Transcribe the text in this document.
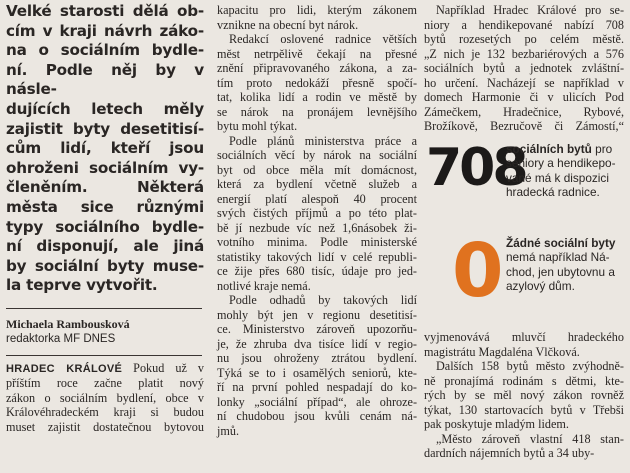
Velké starosti dělá ob-
cím v kraji návrh záko-
na o sociálním bydle-
ní. Podle něj by v násle-
dujících letech měly
zajistit byty desetitisí-
cům lidí, kteří jsou
ohroženi sociálním vy-
členěním. Některá
města sice různými
typy sociálního bydle-
ní disponují, ale jiná
by sociální byty muse-
la teprve vytvořit.

Michaela Rambousková

redaktorka MF DNES

HRADEC KRÁLOVÉ Pokud už v
příštím roce začne platit nový
zákon o sociálním bydlení, obce v
Královéhradeckém kraji si budou
muset zajistit dostatečnou bytovou
kapacitu pro lidi, kterým zákonem
vznikne na obecní byt nárok.
Redakcí oslovené radnice větších
měst netrpělivě čekají na přesné
znění připravovaného zákona, a za-
tím proto nedokáží přesně spočí-
tat, kolika lidí a rodin ve městě by
se nárok na pronájem levnějšího
bytu mohl týkat.
Podle plánů ministerstva práce a
sociálních věcí by nárok na sociální
byt od obce měla mít domácnost,
která za bydlení včetně služeb a
energií platí alespoň 40 procent
svých čistých příjmů a po této plat-
bě jí nezbude víc než 1,6násobek ži-
votního minima. Podle ministerské
statistiky takových lidí v celé republi-
ce žije přes 680 tisíc, údaje pro jed-
notlivé kraje nemá.
Podle odhadů by takových lidí
mohly být jen v regionu desetitisí-
ce. Ministerstvo zároveň upozorňu-
je, že zhruba dva tisíce lidí v regio-
nu jsou ohroženy ztrátou bydlení.
Týká se to i osamělých seniorů, kte-
ří na první pohled nespadají do ko-
lonky „sociální případ“, ale ohroze-
ní chudobou jsou kvůli cenám ná-
jmů.
Například Hradec Králové pro se-
niory a hendikepované nabízí 708
bytů rozesetých po celém městě.
„Z nich je 132 bezbariérových a 576
sociálních bytů a jednotek zvláštní-
ho určení. Nacházejí se například v
domech Harmonie či v ulicích Pod
Zámečkem, Hradečnice, Rybové,
Brožíkově, Bezručově či Zámostí,“
708
sociálních bytů pro
seniory a hendikepo-
vané má k dispozici
hradecká radnice.
0 Žádné sociální byty
nemá například Ná-
chod, jen ubytovnu a
azylový dům.
vyjmenovává mluvčí hradeckého
magistrátu Magdaléna Vlčková.
Dalších 158 bytů město zvýhodně-
ně pronajímá rodinám s dětmi, kte-
rých by se měl nový zákon rovněž
týkat, 130 startovacích bytů v Třebši
pak poskytuje mladým lidem.
„Město zároveň vlastní 418 stan-
dardních nájemních bytů a 34 uby-
